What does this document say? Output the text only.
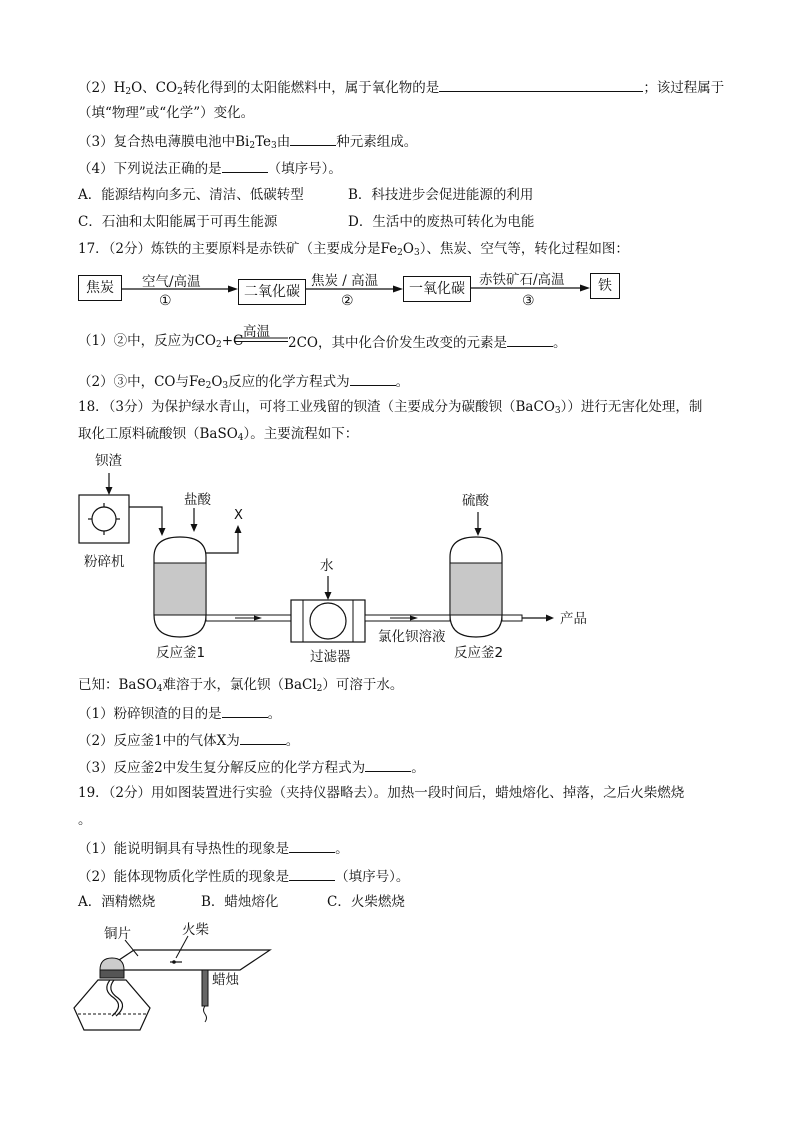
$(2)H_2O$、$CO_2$转化得到的太阳能燃料中，属于氧化物的是	；该过程属于
（填“物理”或“化学”）变化。
（3）复合热电薄膜电池中$Bi_2Te_3$由	种元素组成。
（4）下列说法正确的是	（填序号）。
A．能源结构向多元、清洁、低碳转型	B．科技进步会促进能源的利用
C．石油和太阳能属于可再生能源	D．生活中的废热可转化为电能
17．（2分）炼铁的主要原料是赤铁矿（主要成分是$Fe_2O_3$）、焦炭、空气等，转化过程如图：
焦炭	二氧化碳	一氧化碳	铁
空气/高温	焦炭 / 高温	赤铁矿石/高温
①	②	③
（1）②中，反应为$CO_2+C$
高温
2CO，其中化合价发生改变的元素是	。
（2）③中，CO与$Fe_2O_3$反应的化学方程式为	。
18．（3分）为保护绿水青山，可将工业残留的钡渣（主要成分为碳酸钡（BaCO$_3$））进行无害化处理，制
取化工原料硫酸钡（BaSO$_4$）。主要流程如下：
钡渣
粉碎机
盐酸
X
反应釜1
水
过滤器
氯化钡溶液
硫酸
反应釜2
产品
已知：BaSO$_4$难溶于水，氯化钡（BaCl$_2$）可溶于水。
（1）粉碎钡渣的目的是	。
（2）反应釜1中的气体X为	。
（3）反应釜2中发生复分解反应的化学方程式为	。
19．（2分）用如图装置进行实验（夹持仪器略去）。加热一段时间后，蜡烛熔化、掉落，之后火柴燃烧
。
（1）能说明铜具有导热性的现象是	。
（2）能体现物质化学性质的现象是	（填序号）。
A．酒精燃烧	B．蜡烛熔化	C．火柴燃烧
铜片	火柴
蜡烛
